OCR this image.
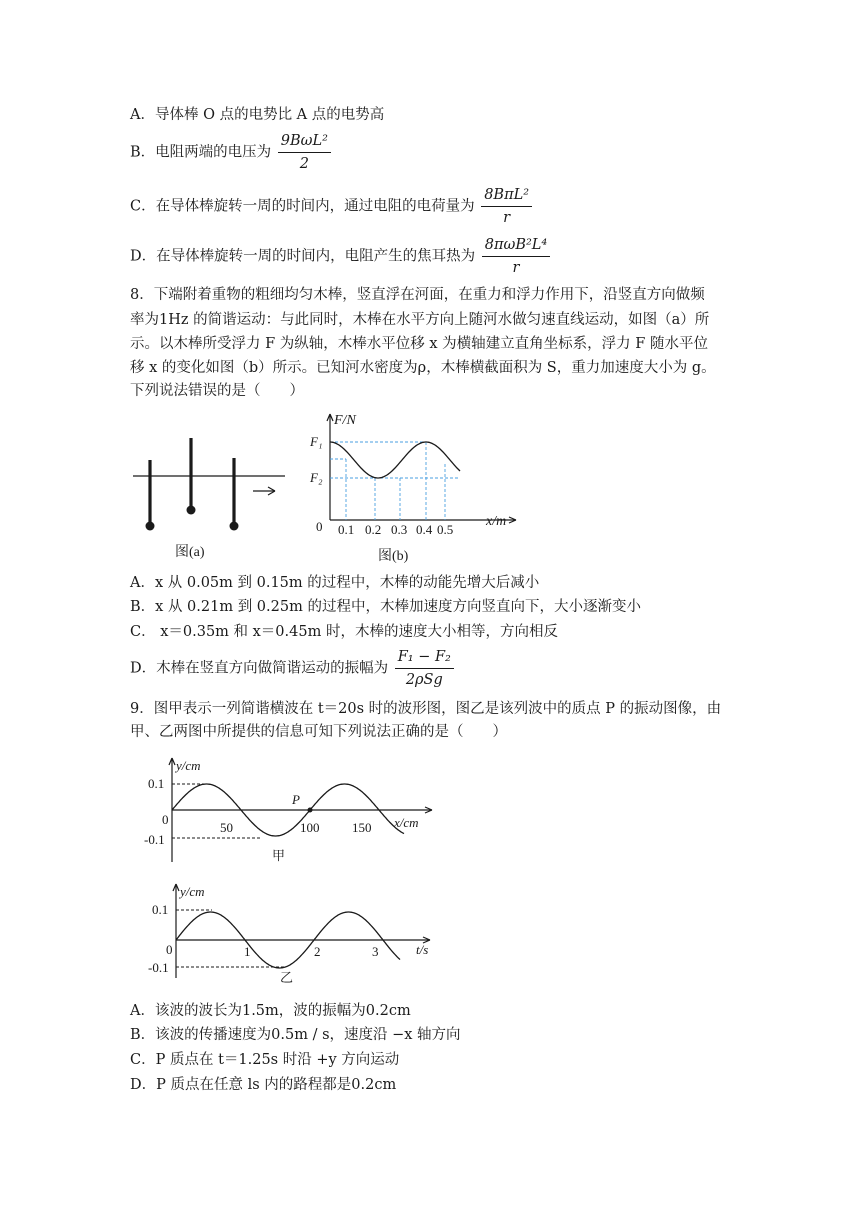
A．导体棒 O 点的电势比 A 点的电势高
B．电阻两端的电压为 $\frac{\text{9BωL²}}{2}$
C．在导体棒旋转一周的时间内，通过电阻的电荷量为 $\frac{\text{8BπL²}}{r}$
D．在导体棒旋转一周的时间内，电阻产生的焦耳热为 $\frac{\text{8πωB²L⁴}}{r}$
8．下端附着重物的粗细均匀木棒，竖直浮在河面，在重力和浮力作用下，沿竖直方向做频
率为1Hz 的简谐运动：与此同时，木棒在水平方向上随河水做匀速直线运动，如图（a）所
示。以木棒所受浮力 F 为纵轴，木棒水平位移 x 为横轴建立直角坐标系，浮力 F 随水平位
移 x 的变化如图（b）所示。已知河水密度为ρ，木棒横截面积为 S，重力加速度大小为 g。
下列说法错误的是（　　）
图(a)
F/N
x/m
0
F₁
F₂
0.1 0.2 0.3 0.4 0.5
图(b)
A．x 从 0.05m 到 0.15m 的过程中，木棒的动能先增大后减小
B．x 从 0.21m 到 0.25m 的过程中，木棒加速度方向竖直向下，大小逐渐变小
C． x＝0.35m 和 x＝0.45m 时，木棒的速度大小相等，方向相反
D．木棒在竖直方向做简谐运动的振幅为 $\frac{\text{F₁ − F₂}}{\text{2ρSg}}$
9．图甲表示一列简谐横波在 t＝20s 时的波形图，图乙是该列波中的质点 P 的振动图像，由
甲、乙两图中所提供的信息可知下列说法正确的是（　　）
y/cm
x/cm
0.1
-0.1
0
P
50	100	150
甲
y/cm
t/s
0.1
-0.1
0	1	2	3
乙
A．该波的波长为1.5m，波的振幅为0.2cm
B．该波的传播速度为0.5m / s，速度沿 −x 轴方向
C．P 质点在 t＝1.25s 时沿 +y 方向运动
D．P 质点在任意 ls 内的路程都是0.2cm
